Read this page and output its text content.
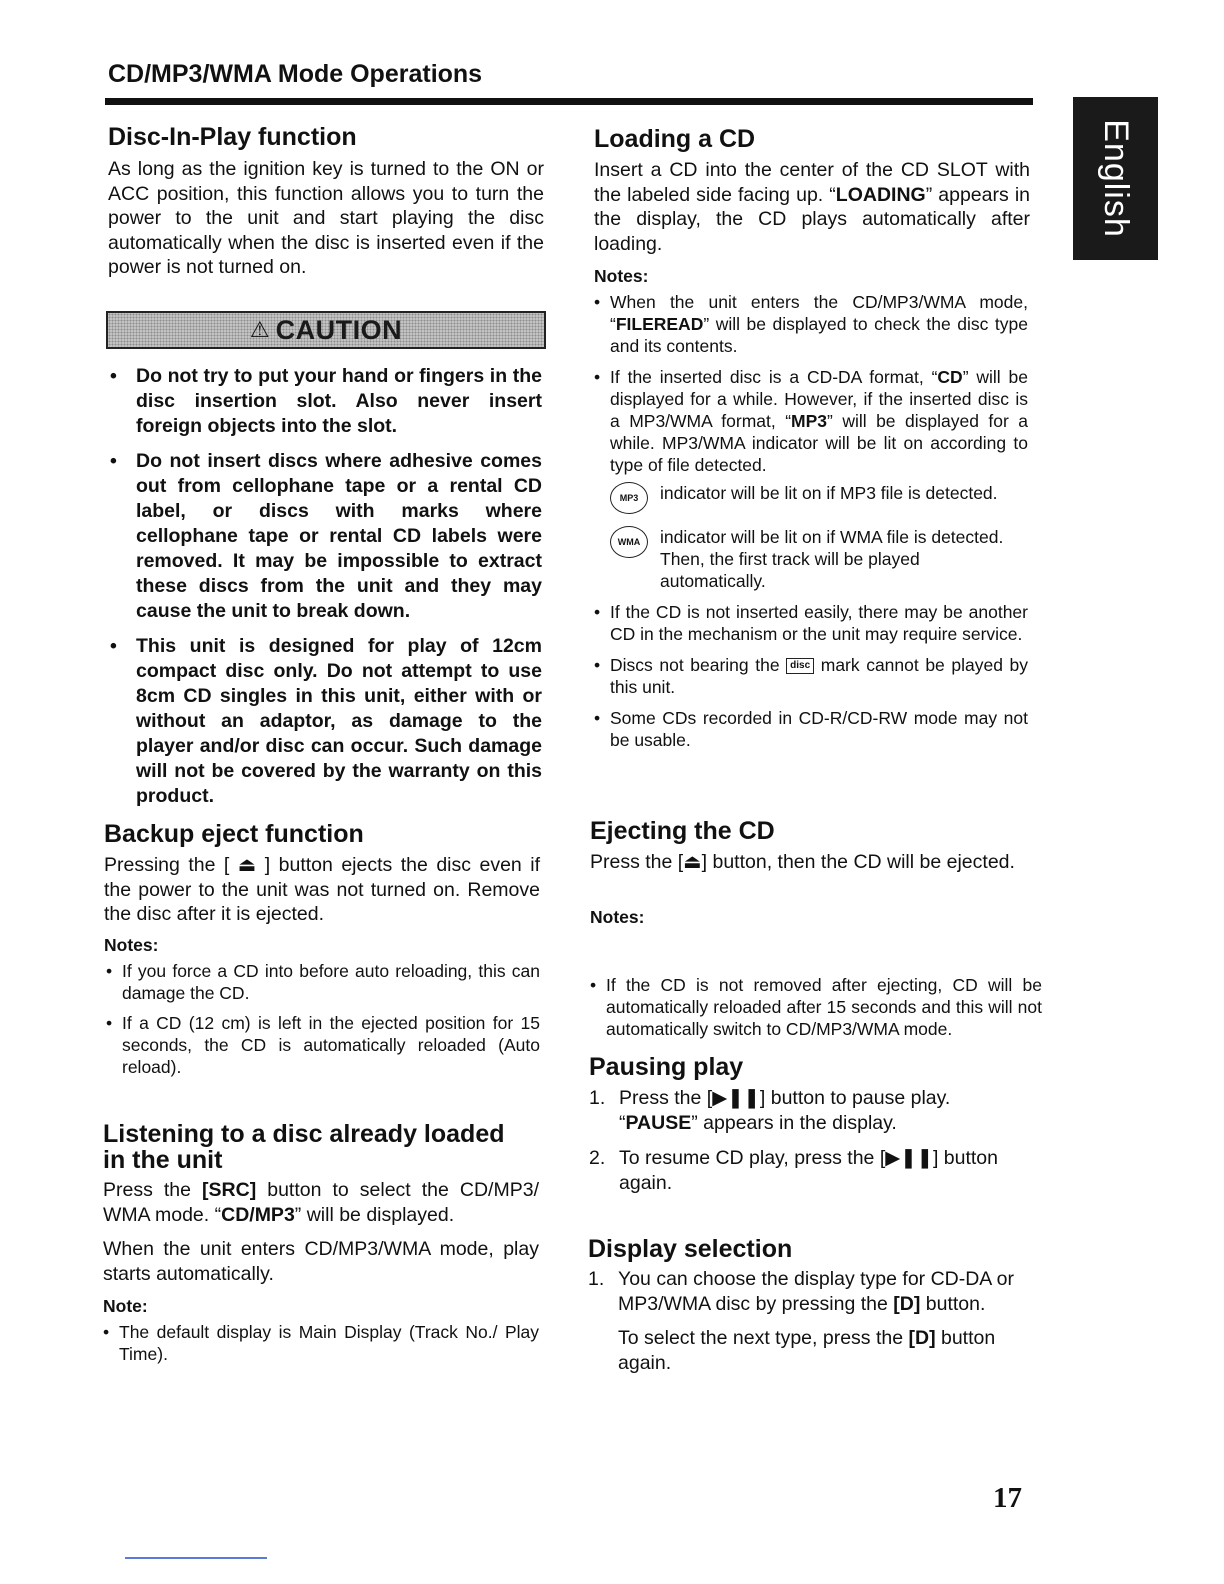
CD/MP3/WMA Mode Operations
English
Disc-In-Play function

As long as the ignition key is turned to the ON or ACC position, this function allows you to turn the power to the unit and start playing the disc automatically when the disc is inserted even if the power is not turned on.

⚠ CAUTION

• Do not try to put your hand or fingers in the disc insertion slot. Also never insert foreign objects into the slot.

• Do not insert discs where adhesive comes out from cellophane tape or a rental CD label, or discs with marks where cellophane tape or rental CD labels were removed. It may be impossible to extract these discs from the unit and they may cause the unit to break down.

• This unit is designed for play of 12cm compact disc only. Do not attempt to use 8cm CD singles in this unit, either with or without an adaptor, as damage to the player and/or disc can occur. Such damage will not be covered by the warranty on this product.

Backup eject function

Pressing the [ ⏏ ] button ejects the disc even if the power to the unit was not turned on. Remove the disc after it is ejected.

Notes:

• If you force a CD into before auto reloading, this can damage the CD.

• If a CD (12 cm) is left in the ejected position for 15 seconds, the CD is automatically reloaded (Auto reload).

Listening to a disc already loaded
in the unit

Press the [SRC] button to select the CD/MP3/ WMA mode. “CD/MP3” will be displayed.

When the unit enters CD/MP3/WMA mode, play starts automatically.

Note:

• The default display is Main Display (Track No./ Play Time).

Loading a CD

Insert a CD into the center of the CD SLOT with the labeled side facing up. “LOADING” appears in the display, the CD plays automatically after loading.

Notes:

• When the unit enters the CD/MP3/WMA mode, “FILEREAD” will be displayed to check the disc type and its contents.

• If the inserted disc is a CD-DA format, “CD” will be displayed for a while. However, if the inserted disc is a MP3/WMA format, “MP3” will be displayed for a while. MP3/WMA indicator will be lit on according to type of file detected.

MP3	indicator will be lit on if MP3 file is detected.
WMA	indicator will be lit on if WMA file is detected. Then, the first track will be played automatically.

• If the CD is not inserted easily, there may be another CD in the mechanism or the unit may require service.

• Discs not bearing the disc mark cannot be played by this unit.

• Some CDs recorded in CD-R/CD-RW mode may not be usable.

Ejecting the CD

Press the [⏏] button, then the CD will be ejected.

Notes:

• If the CD is not removed after ejecting, CD will be automatically reloaded after 15 seconds and this will not automatically switch to CD/MP3/WMA mode.

Pausing play

1. Press the [▶❚❚] button to pause play. “PAUSE” appears in the display.

2. To resume CD play, press the [▶❚❚] button again.

Display selection

1. You can choose the display type for CD-DA or MP3/WMA disc by pressing the [D] button.

To select the next type, press the [D] button again.

17
